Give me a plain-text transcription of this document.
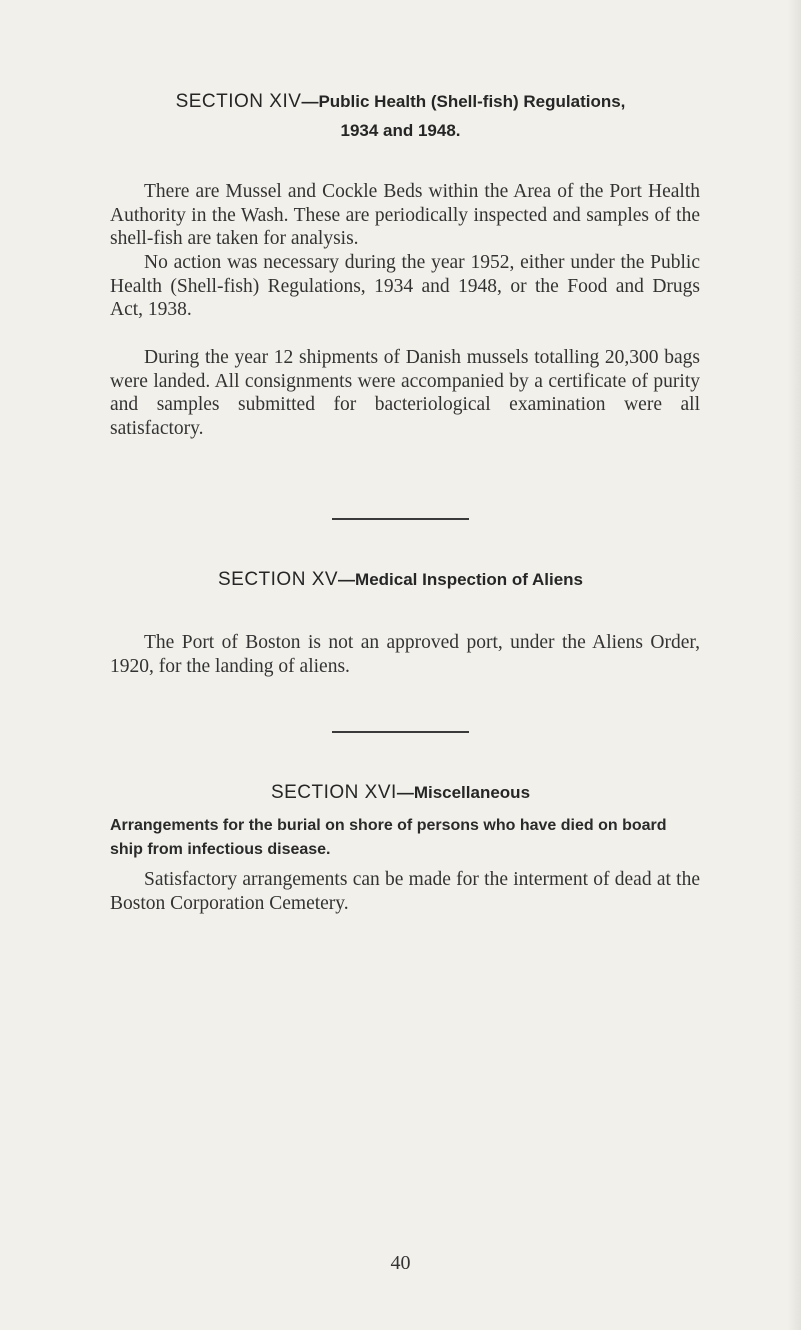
SECTION XIV—Public Health (Shell-fish) Regulations,
1934 and 1948.

There are Mussel and Cockle Beds within the Area of the Port Health Authority in the Wash. These are periodically inspected and samples of the shell-fish are taken for analysis.

No action was necessary during the year 1952, either under the Public Health (Shell-fish) Regulations, 1934 and 1948, or the Food and Drugs Act, 1938.

During the year 12 shipments of Danish mussels totalling 20,300 bags were landed. All consignments were accompanied by a certificate of purity and samples submitted for bacteriological examination were all satisfactory.

SECTION XV—Medical Inspection of Aliens

The Port of Boston is not an approved port, under the Aliens Order, 1920, for the landing of aliens.

SECTION XVI—Miscellaneous

Arrangements for the burial on shore of persons who have died on board ship from infectious disease.

Satisfactory arrangements can be made for the interment of dead at the Boston Corporation Cemetery.

40
